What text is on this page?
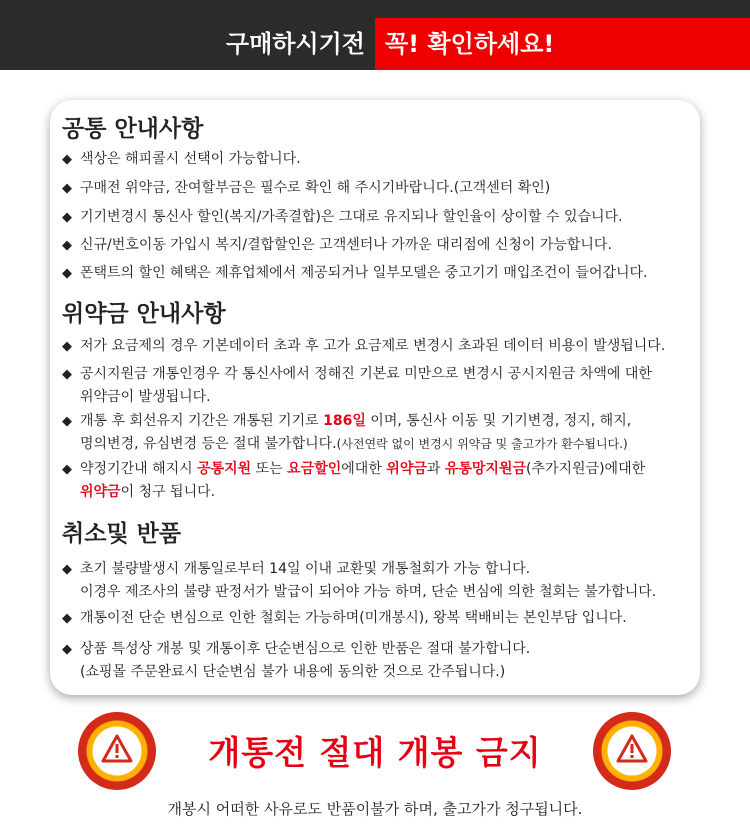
구매하시기전 꼭! 확인하세요!
공통 안내사항
◆ 색상은 해피콜시 선택이 가능합니다.
◆ 구매전 위약금, 잔여할부금은 필수로 확인 해 주시기바랍니다.(고객센터 확인)
◆ 기기변경시 통신사 할인(복지/가족결합)은 그대로 유지되나 할인율이 상이할 수 있습니다.
◆ 신규/번호이동 가입시 복지/결합할인은 고객센터나 가까운 대리점에 신청이 가능합니다.
◆ 폰택트의 할인 혜택은 제휴업체에서 제공되거나 일부모델은 중고기기 매입조건이 들어갑니다.
위약금 안내사항
◆ 저가 요금제의 경우 기본데이터 초과 후 고가 요금제로 변경시 초과된 데이터 비용이 발생됩니다.
◆ 공시지원금 개통인경우 각 통신사에서 정해진 기본료 미만으로 변경시 공시지원금 차액에 대한
위약금이 발생됩니다.
◆ 개통 후 회선유지 기간은 개통된 기기로 186일 이며, 통신사 이동 및 기기변경, 정지, 해지,
명의변경, 유심변경 등은 절대 불가합니다.(사전연락 없이 변경시 위약금 및 출고가가 환수됩니다.)
◆ 약정기간내 해지시 공통지원 또는 요금할인에대한 위약금과 유통망지원금(추가지원금)에대한
위약금이 청구 됩니다.
취소및 반품
◆ 초기 불량발생시 개통일로부터 14일 이내 교환및 개통철회가 가능 합니다.
이경우 제조사의 불량 판정서가 발급이 되어야 가능 하며, 단순 변심에 의한 철회는 불가합니다.
◆ 개통이전 단순 변심으로 인한 철회는 가능하며(미개봉시), 왕복 택배비는 본인부담 입니다.
◆ 상품 특성상 개봉 및 개통이후 단순변심으로 인한 반품은 절대 불가합니다.
(쇼핑몰 주문완료시 단순변심 불가 내용에 동의한 것으로 간주됩니다.)
개통전 절대 개봉 금지
개봉시 어떠한 사유로도 반품이불가 하며, 출고가가 청구됩니다.
